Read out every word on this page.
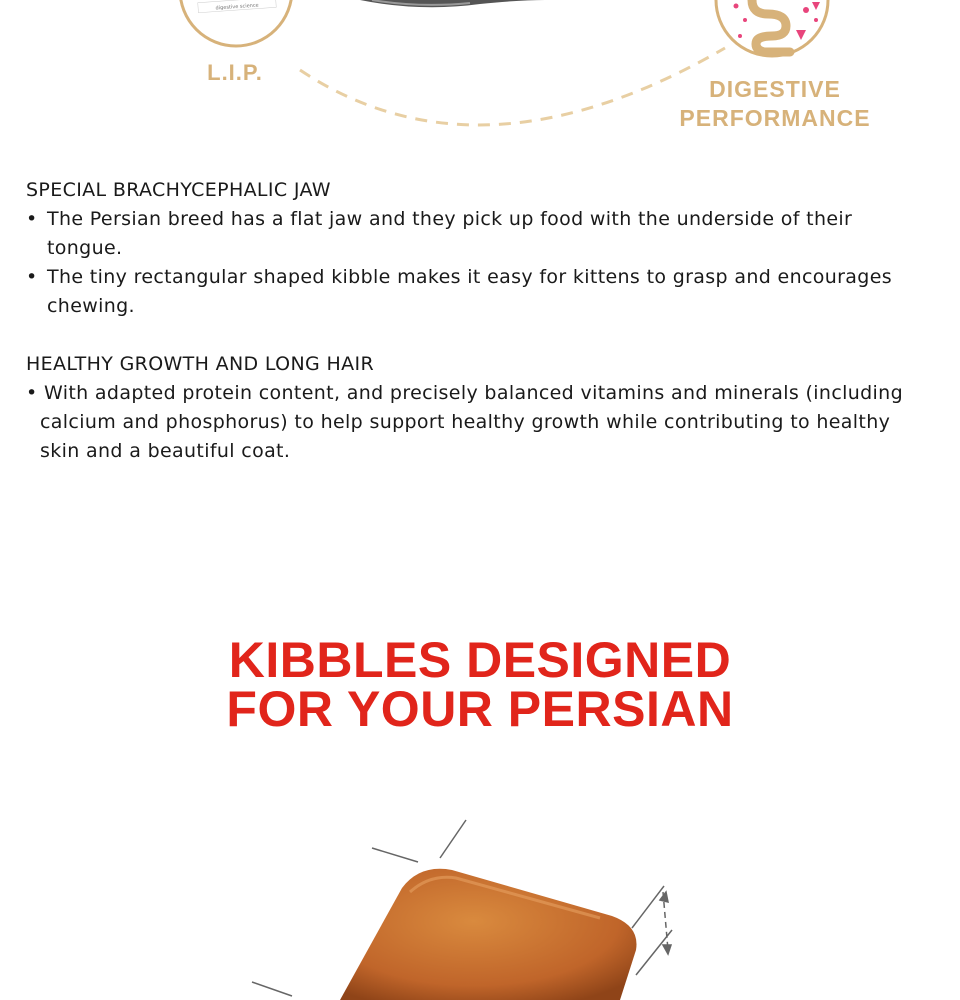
digestive science
L.I.P.
DIGESTIVE
PERFORMANCE
SPECIAL BRACHYCEPHALIC JAW
• The Persian breed has a flat jaw and they pick up food with the underside of their
tongue.
• The tiny rectangular shaped kibble makes it easy for kittens to grasp and encourages
chewing.
HEALTHY GROWTH AND LONG HAIR
• With adapted protein content, and precisely balanced vitamins and minerals (including
calcium and phosphorus) to help support healthy growth while contributing to healthy
skin and a beautiful coat.
KIBBLES DESIGNED
FOR YOUR PERSIAN
